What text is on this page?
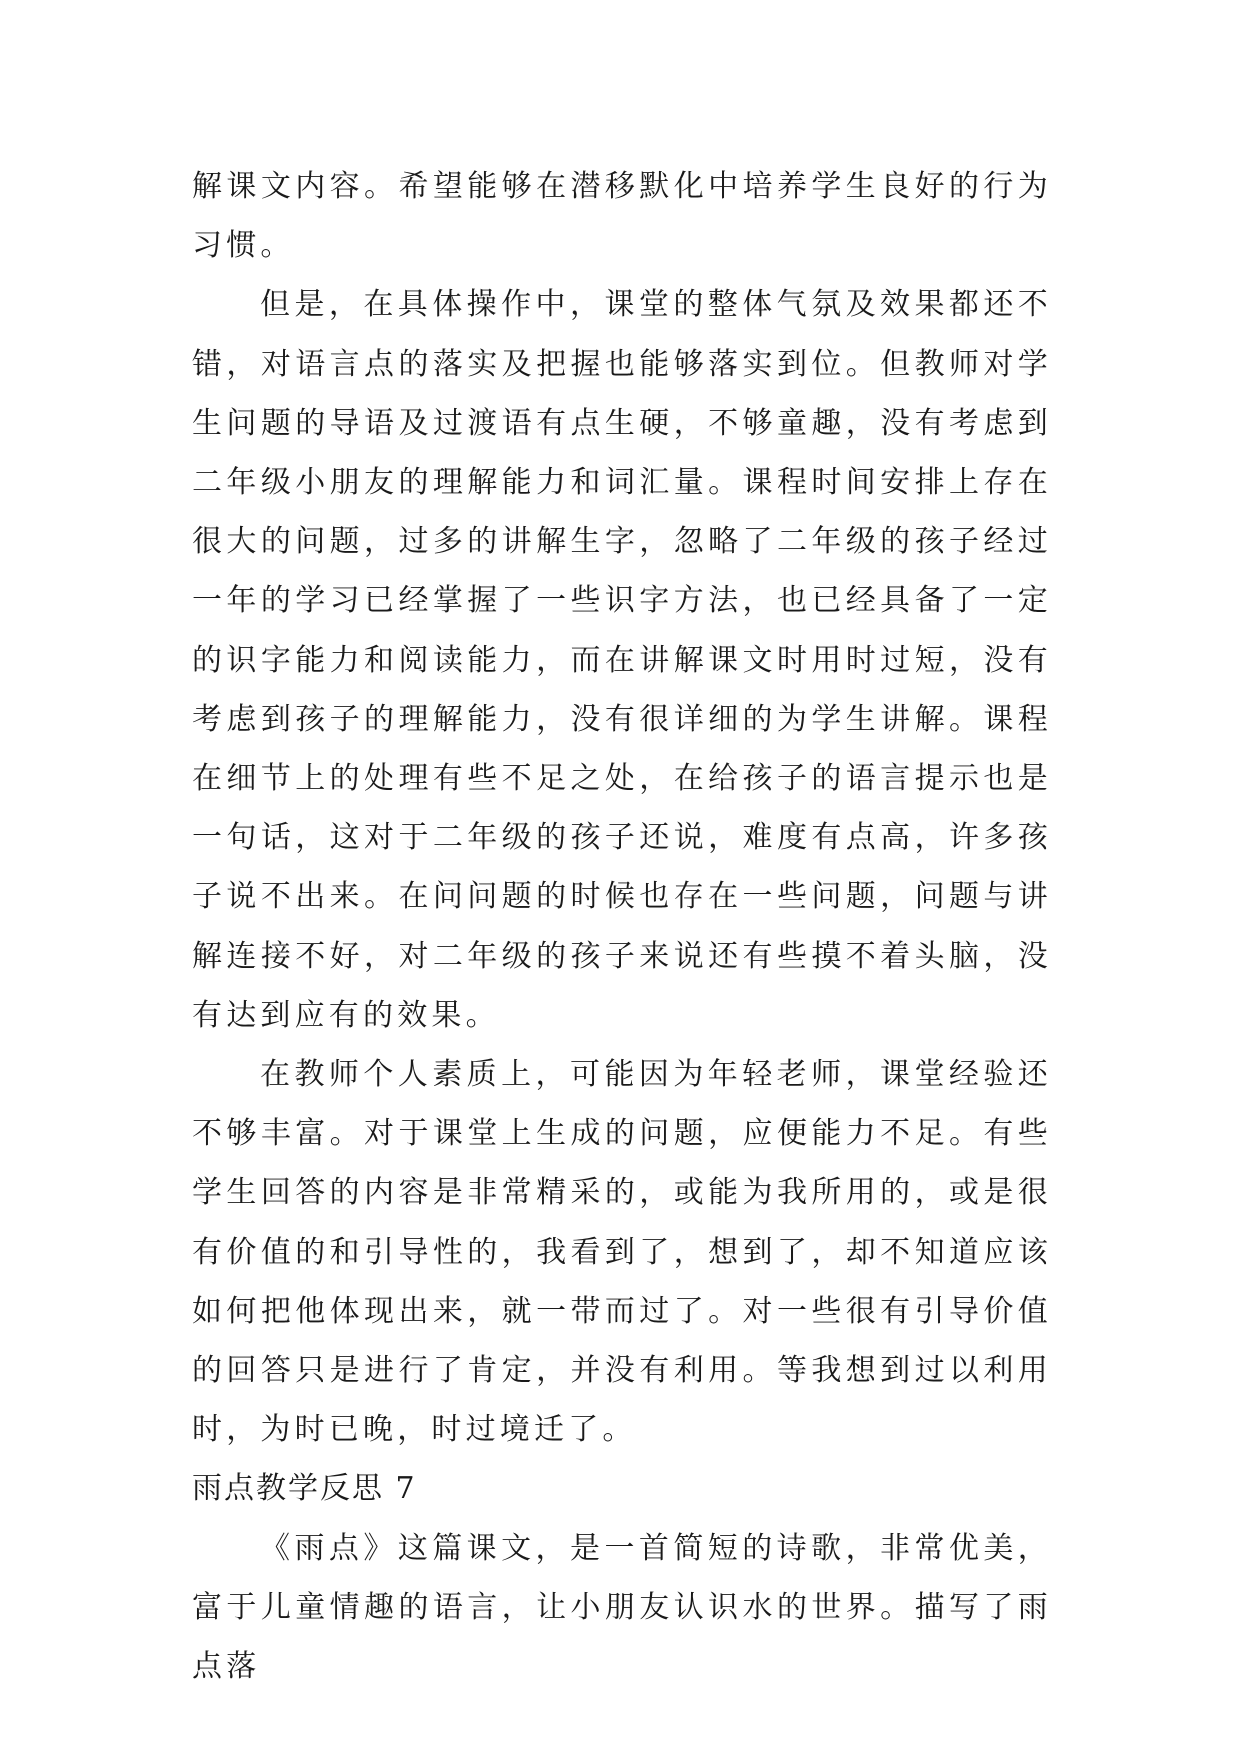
解课文内容。希望能够在潜移默化中培养学生良好的行为习惯。

但是，在具体操作中，课堂的整体气氛及效果都还不错，对语言点的落实及把握也能够落实到位。但教师对学生问题的导语及过渡语有点生硬，不够童趣，没有考虑到二年级小朋友的理解能力和词汇量。课程时间安排上存在很大的问题，过多的讲解生字，忽略了二年级的孩子经过一年的学习已经掌握了一些识字方法，也已经具备了一定的识字能力和阅读能力，而在讲解课文时用时过短，没有考虑到孩子的理解能力，没有很详细的为学生讲解。课程在细节上的处理有些不足之处，在给孩子的语言提示也是一句话，这对于二年级的孩子还说，难度有点高，许多孩子说不出来。在问问题的时候也存在一些问题，问题与讲解连接不好，对二年级的孩子来说还有些摸不着头脑，没有达到应有的效果。

在教师个人素质上，可能因为年轻老师，课堂经验还不够丰富。对于课堂上生成的问题，应便能力不足。有些学生回答的内容是非常精采的，或能为我所用的，或是很有价值的和引导性的，我看到了，想到了，却不知道应该如何把他体现出来，就一带而过了。对一些很有引导价值的回答只是进行了肯定，并没有利用。等我想到过以利用时，为时已晚，时过境迁了。

雨点教学反思 7

《雨点》这篇课文，是一首简短的诗歌，非常优美，富于儿童情趣的语言，让小朋友认识水的世界。描写了雨点落
